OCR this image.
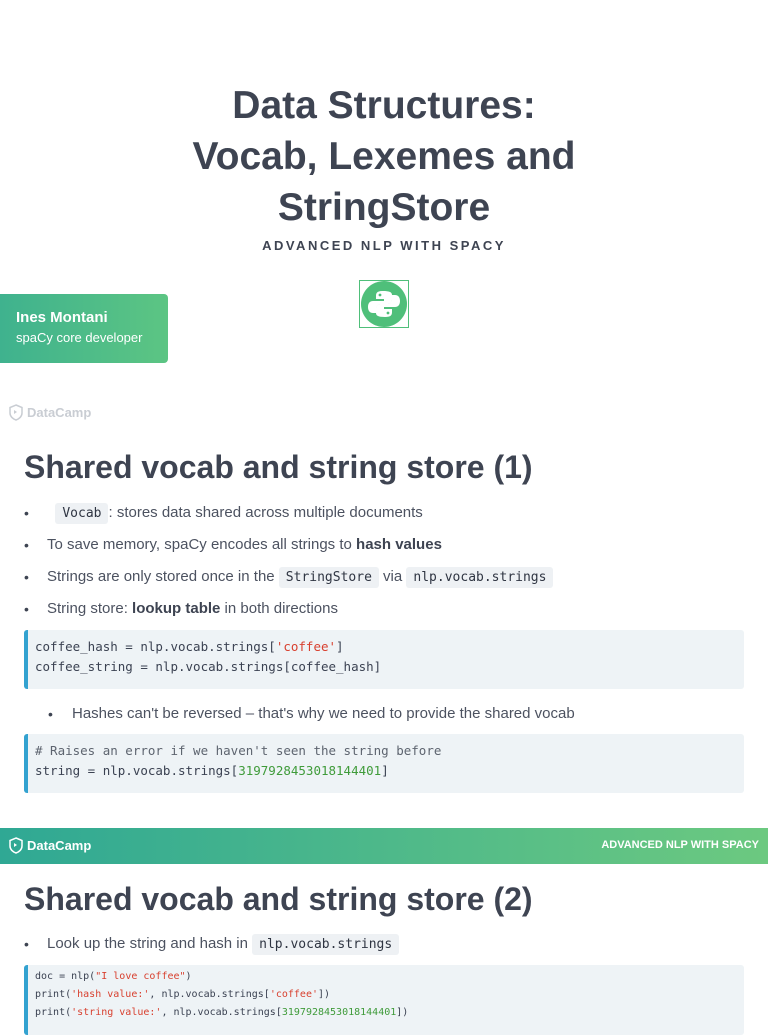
Data Structures:
Vocab, Lexemes and
StringStore
ADVANCED NLP WITH SPACY
Ines Montani
spaCy core developer
DataCamp
Shared vocab and string store (1)
• Vocab : stores data shared across multiple documents
• To save memory, spaCy encodes all strings to hash values
• Strings are only stored once in the StringStore via nlp.vocab.strings
• String store: lookup table in both directions
coffee_hash = nlp.vocab.strings['coffee']
coffee_string = nlp.vocab.strings[coffee_hash]
• Hashes can't be reversed – that's why we need to provide the shared vocab
# Raises an error if we haven't seen the string before
string = nlp.vocab.strings[3197928453018144401]
DataCamp	ADVANCED NLP WITH SPACY
Shared vocab and string store (2)
• Look up the string and hash in nlp.vocab.strings
doc = nlp("I love coffee")
print('hash value:', nlp.vocab.strings['coffee'])
print('string value:', nlp.vocab.strings[3197928453018144401])
